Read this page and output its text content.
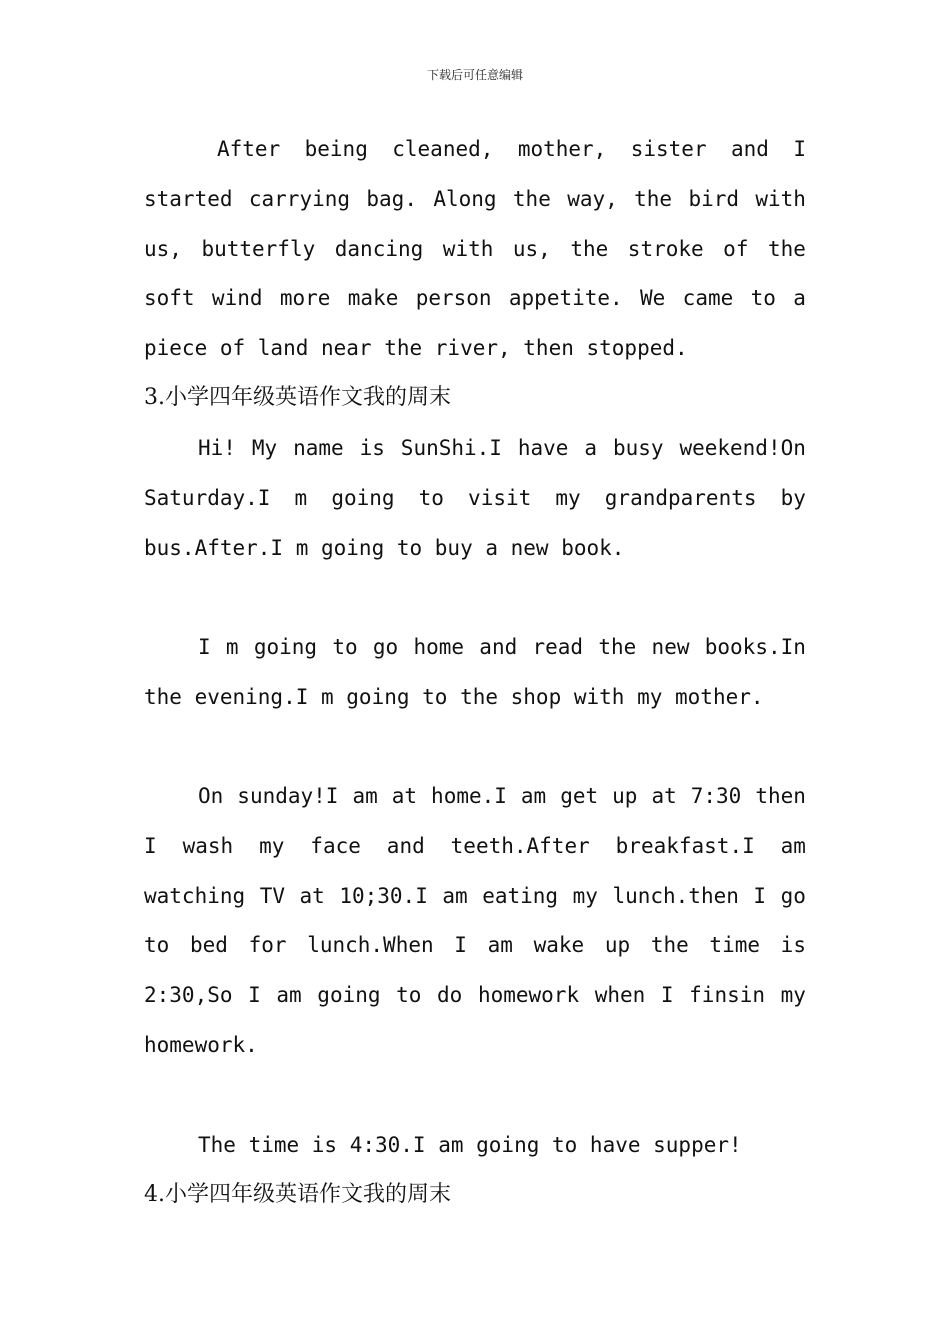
下载后可任意编辑
After being cleaned, mother, sister and I
started carrying bag. Along the way, the bird with
us, butterfly dancing with us, the stroke of the
soft wind more make person appetite. We came to a
piece of land near the river, then stopped.
3.小学四年级英语作文我的周末
Hi! My name is SunShi.I have a busy weekend!On
Saturday.I m going to visit my grandparents by
bus.After.I m going to buy a new book.
I m going to go home and read the new books.In
the evening.I m going to the shop with my mother.
On sunday!I am at home.I am get up at 7:30 then
I wash my face and teeth.After breakfast.I am
watching TV at 10;30.I am eating my lunch.then I go
to bed for lunch.When I am wake up the time is
2:30,So I am going to do homework when I finsin my
homework.
The time is 4:30.I am going to have supper!
4.小学四年级英语作文我的周末
